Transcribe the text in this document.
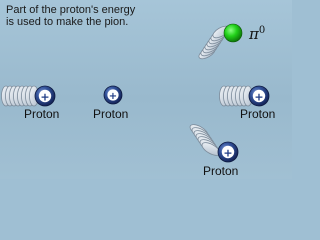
Part of the proton's energy
is used to make the pion.

+	+	+
+
$\pi^0$
Proton	Proton	Proton
Proton
